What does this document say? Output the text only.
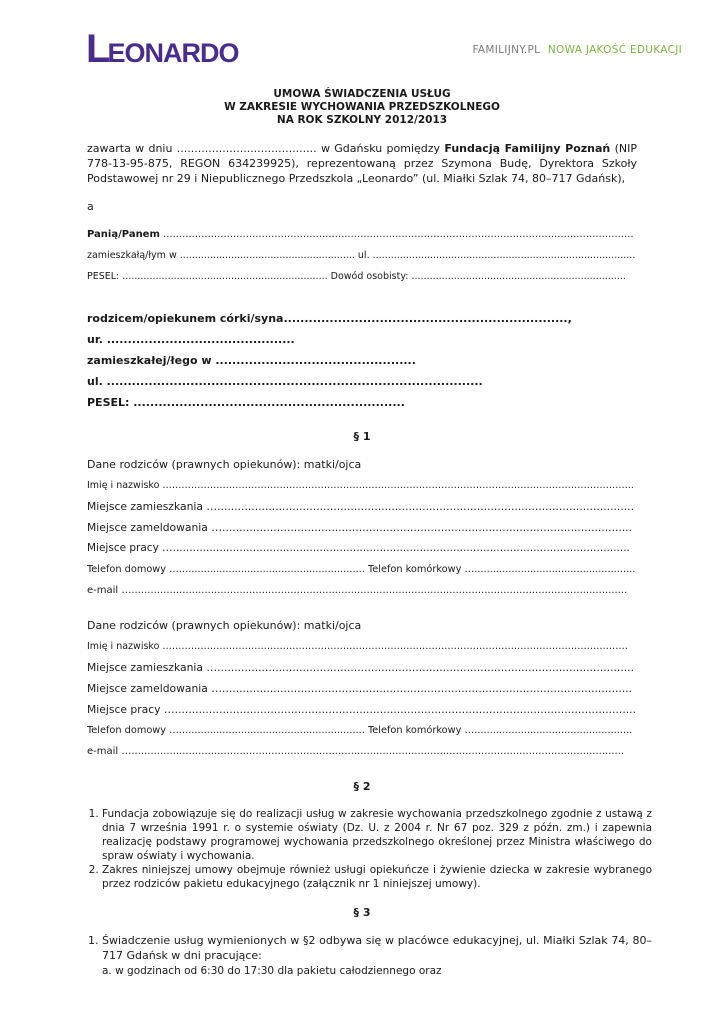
L
EONARDO	FAMILIJNY.PL NOWA JAKOŚĆ EDUKACJI
UMOWA ŚWIADCZENIA USŁUG
W ZAKRESIE WYCHOWANIA PRZEDSZKOLNEGO
NA ROK SZKOLNY 2012/2013
zawarta w dniu ........................................ w Gdańsku pomiędzy Fundacją Familijny Poznań (NIP 778-13-95-875, REGON 634239925), reprezentowaną przez Szymona Budę, Dyrektora Szkoły Podstawowej nr 29 i Niepublicznego Przedszkola „Leonardo” (ul. Miałki Szlak 74, 80–717 Gdańsk),
a
Panią/Panem ....................................................................................................................................................
zamieszkałą/łym w .......................................................... ul. .......................................................................................
PESEL: .................................................................... Dowód osobisty: .......................................................................
rodzicem/opiekunem córki/syna....................................................................,
ur. .............................................
zamieszkałej/łego w ................................................
ul. ..........................................................................................
PESEL: .................................................................
§ 1
Dane rodziców (prawnych opiekunów): matki/ojca
Imię i nazwisko …………………………………………………………………………………………………………………………………..
Miejsce zamieszkania …..........................................................................................................................
Miejsce zameldowania …........................................................................................................................
Miejsce pracy ….........................................................................................................................................
Telefon domowy …............................................................ Telefon komórkowy …....................................................
e-mail …............................................................................................................................................................
Dane rodziców (prawnych opiekunów): matki/ojca
Imię i nazwisko …………………………………………………………………………………………………………………………………
Miejsce zamieszkania …..........................................................................................................................
Miejsce zameldowania …........................................................................................................................
Miejsce pracy ….......................................................................................................................................
Telefon domowy …............................................................ Telefon komórkowy …...................................................
e-mail …...........................................................................................................................................................
§ 2
1. Fundacja zobowiązuje się do realizacji usług w zakresie wychowania przedszkolnego zgodnie z ustawą z dnia 7 września 1991 r. o systemie oświaty (Dz. U. z 2004 r. Nr 67 poz. 329 z późn. zm.) i zapewnia realizację podstawy programowej wychowania przedszkolnego określonej przez Ministra właściwego do spraw oświaty i wychowania.
2. Zakres niniejszej umowy obejmuje również usługi opiekuńcze i żywienie dziecka w zakresie wybranego przez rodziców pakietu edukacyjnego (załącznik nr 1 niniejszej umowy).
§ 3
1. Świadczenie usług wymienionych w §2 odbywa się w placówce edukacyjnej, ul. Miałki Szlak 74, 80–717 Gdańsk w dni pracujące:
a. w godzinach od 6:30 do 17:30 dla pakietu całodziennego oraz
